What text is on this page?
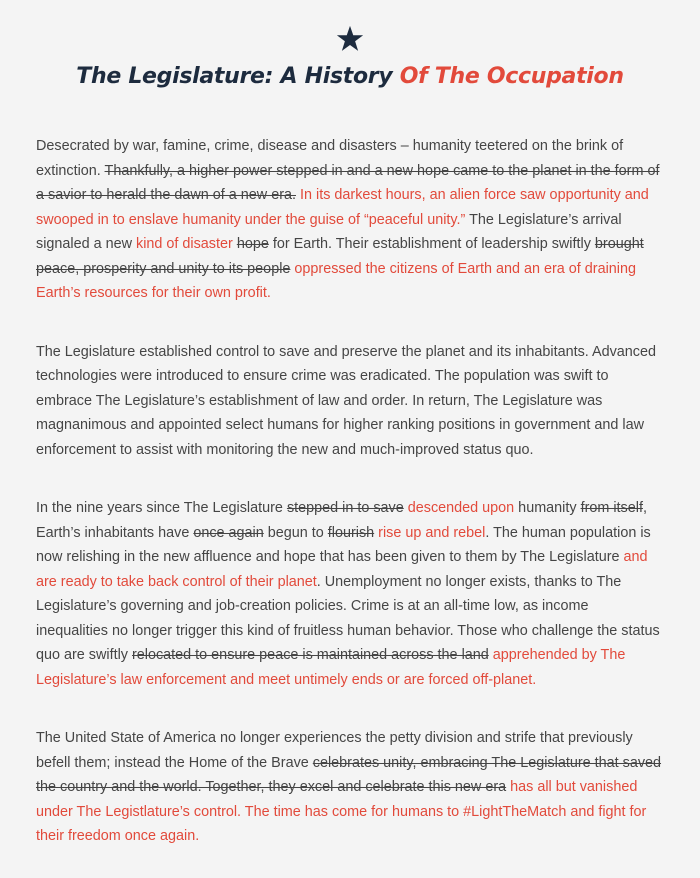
The Legislature: A History Of The Occupation

Desecrated by war, famine, crime, disease and disasters – humanity teetered on the brink of extinction. Thankfully, a higher power stepped in and a new hope came to the planet in the form of a savior to herald the dawn of a new era. In its darkest hours, an alien force saw opportunity and swooped in to enslave humanity under the guise of “peaceful unity.” The Legislature’s arrival signaled a new kind of disaster hope for Earth. Their establishment of leadership swiftly brought peace, prosperity and unity to its people oppressed the citizens of Earth and an era of draining Earth’s resources for their own profit.

The Legislature established control to save and preserve the planet and its inhabitants. Advanced technologies were introduced to ensure crime was eradicated. The population was swift to embrace The Legislature’s establishment of law and order. In return, The Legislature was magnanimous and appointed select humans for higher ranking positions in government and law enforcement to assist with monitoring the new and much-improved status quo.

In the nine years since The Legislature stepped in to save descended upon humanity from itself, Earth’s inhabitants have once again begun to flourish rise up and rebel. The human population is now relishing in the new affluence and hope that has been given to them by The Legislature and are ready to take back control of their planet. Unemployment no longer exists, thanks to The Legislature’s governing and job-creation policies. Crime is at an all-time low, as income inequalities no longer trigger this kind of fruitless human behavior. Those who challenge the status quo are swiftly relocated to ensure peace is maintained across the land apprehended by The Legislature’s law enforcement and meet untimely ends or are forced off-planet.

The United State of America no longer experiences the petty division and strife that previously befell them; instead the Home of the Brave celebrates unity, embracing The Legislature that saved the country and the world. Together, they excel and celebrate this new era has all but vanished under The Legistlature’s control. The time has come for humans to #LightTheMatch and fight for their freedom once again.
